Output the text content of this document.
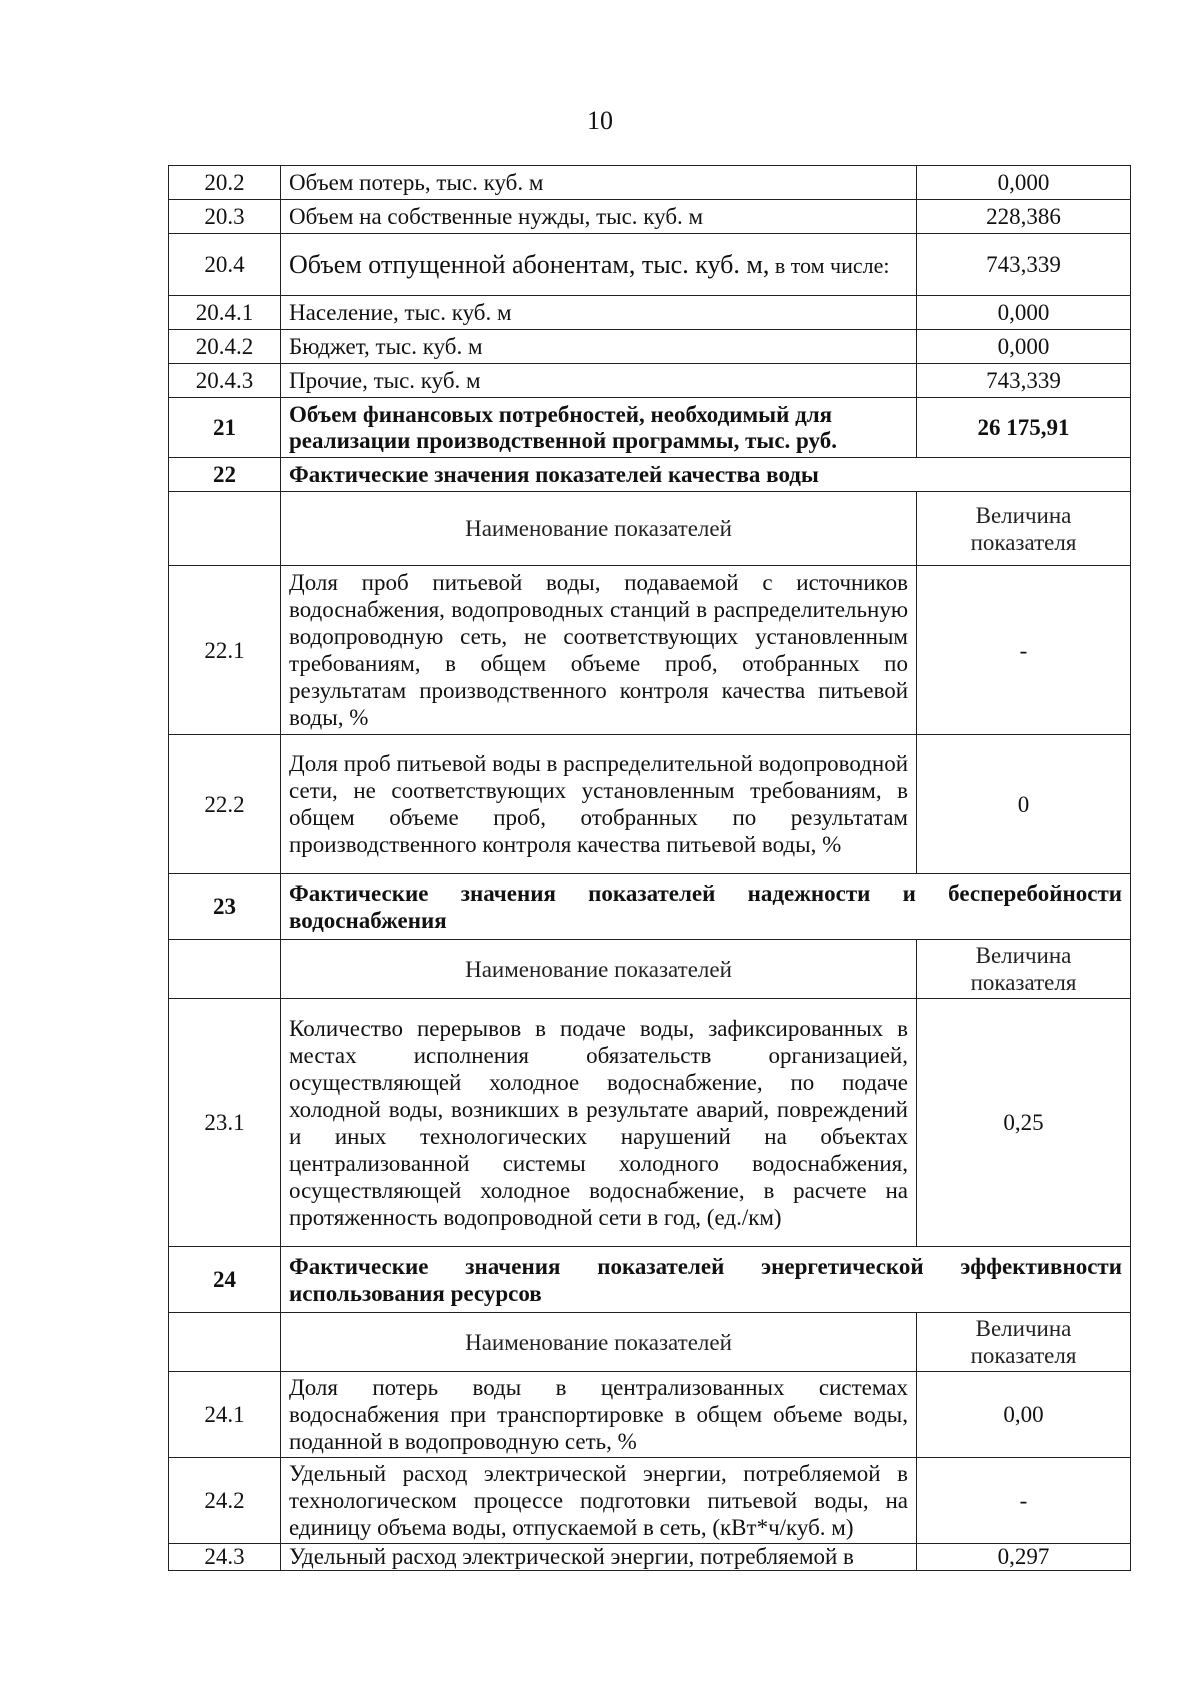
10
20.2	Объем потерь, тыс. куб. м	0,000
20.3	Объем на собственные нужды, тыс. куб. м	228,386
20.4	Объем отпущенной абонентам, тыс. куб. м, в том числе:	743,339
20.4.1	Население, тыс. куб. м	0,000
20.4.2	Бюджет, тыс. куб. м	0,000
20.4.3	Прочие, тыс. куб. м	743,339
21	Объем финансовых потребностей, необходимый для реализации производственной программы, тыс. руб.	26 175,91
22	Фактические значения показателей качества воды	
	Наименование показателей	Величина показателя
22.1	Доля проб питьевой воды, подаваемой с источников водоснабжения, водопроводных станций в распределительную водопроводную сеть, не соответствующих установленным требованиям, в общем объеме проб, отобранных по результатам производственного контроля качества питьевой воды, %	-
22.2	Доля проб питьевой воды в распределительной водопроводной сети, не соответствующих установленным требованиям, в общем объеме проб, отобранных по результатам производственного контроля качества питьевой воды, %	0
23	Фактические значения показателей надежности и бесперебойности водоснабжения	
	Наименование показателей	Величина показателя
23.1	Количество перерывов в подаче воды, зафиксированных в местах исполнения обязательств организацией, осуществляющей холодное водоснабжение, по подаче холодной воды, возникших в результате аварий, повреждений и иных технологических нарушений на объектах централизованной системы холодного водоснабжения, осуществляющей холодное водоснабжение, в расчете на протяженность водопроводной сети в год, (ед./км)	0,25
24	Фактические значения показателей энергетической эффективности использования ресурсов	
	Наименование показателей	Величина показателя
24.1	Доля потерь воды в централизованных системах водоснабжения при транспортировке в общем объеме воды, поданной в водопроводную сеть, %	0,00
24.2	Удельный расход электрической энергии, потребляемой в технологическом процессе подготовки питьевой воды, на единицу объема воды, отпускаемой в сеть, (кВт*ч/куб. м)	-
24.3	Удельный расход электрической энергии, потребляемой в	0,297
